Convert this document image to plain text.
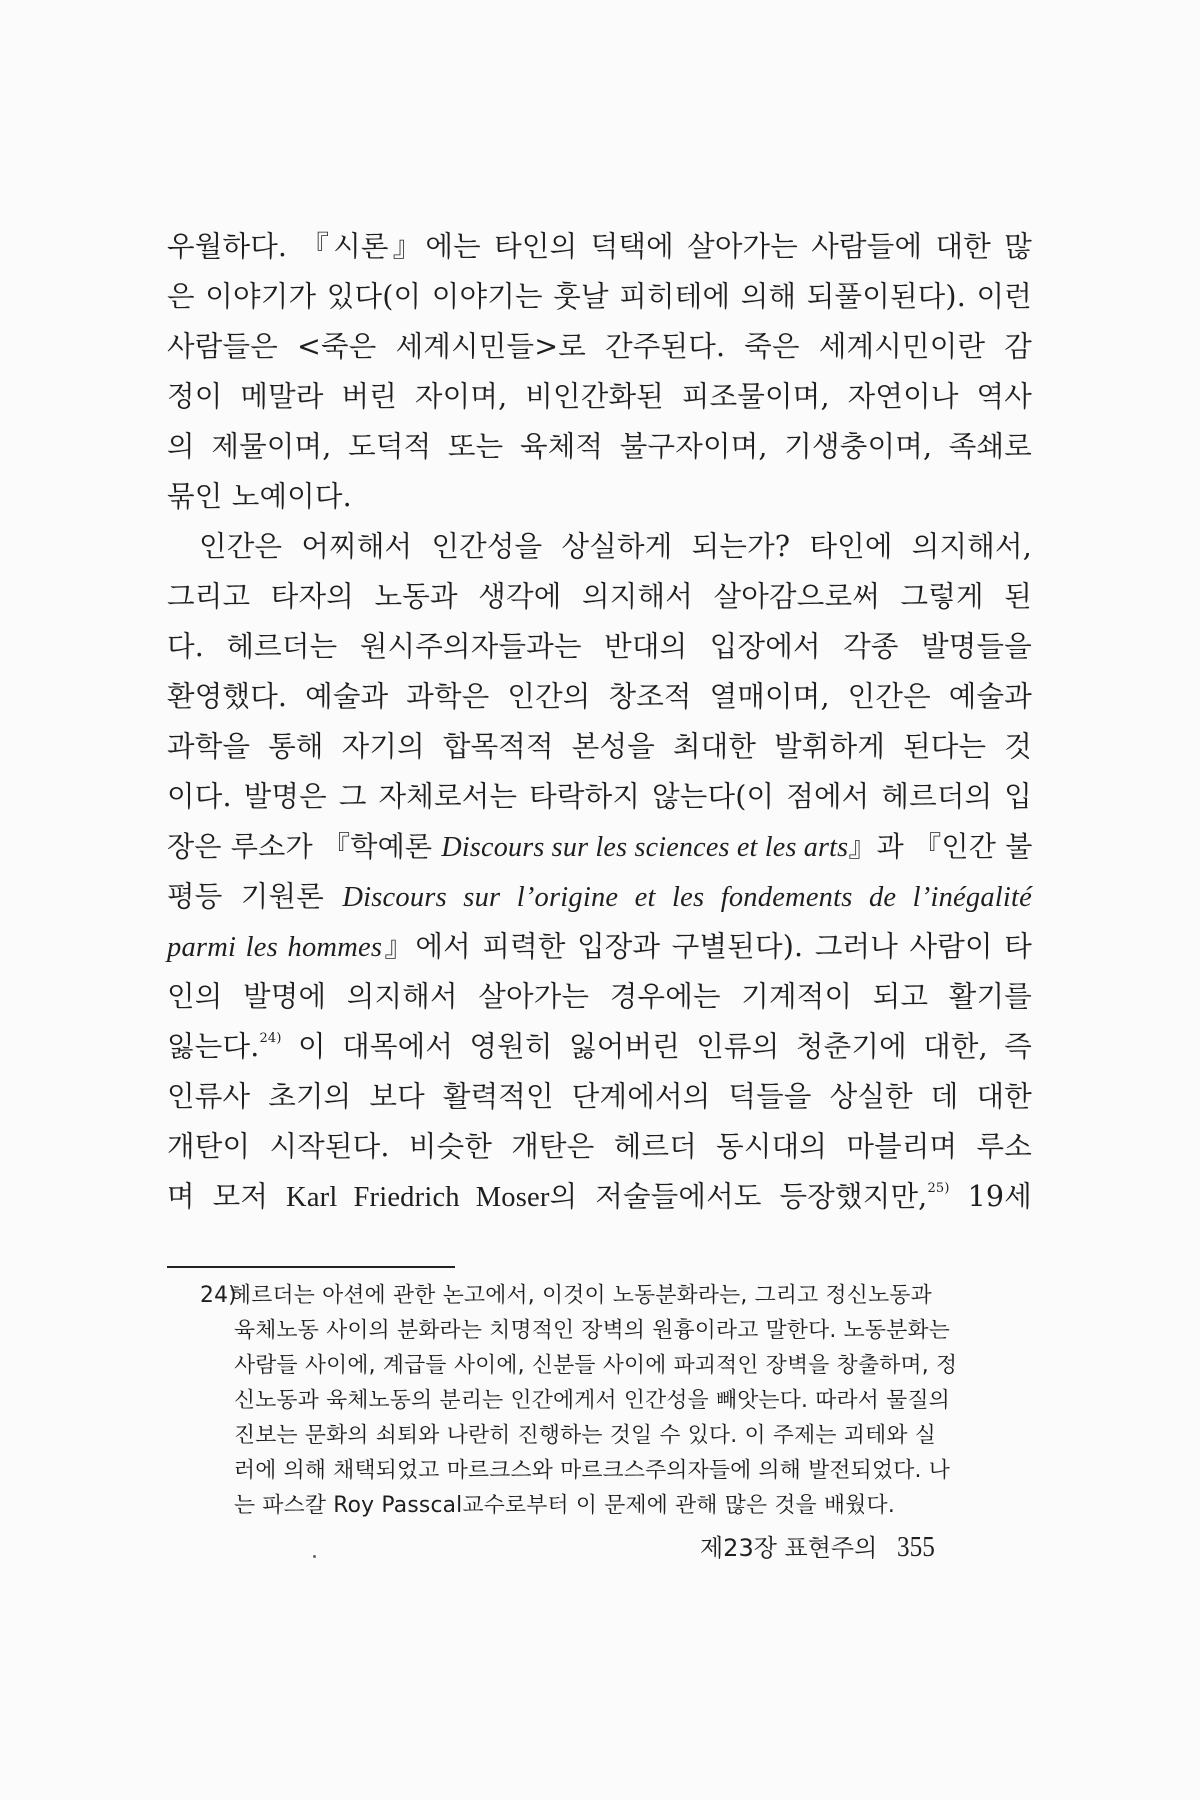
우월하다. 『시론』에는 타인의 덕택에 살아가는 사람들에 대한 많
은 이야기가 있다(이 이야기는 훗날 피히테에 의해 되풀이된다). 이런
사람들은 <죽은 세계시민들>로 간주된다. 죽은 세계시민이란 감
정이 메말라 버린 자이며, 비인간화된 피조물이며, 자연이나 역사
의 제물이며, 도덕적 또는 육체적 불구자이며, 기생충이며, 족쇄로
묶인 노예이다.
인간은 어찌해서 인간성을 상실하게 되는가? 타인에 의지해서,
그리고 타자의 노동과 생각에 의지해서 살아감으로써 그렇게 된
다. 헤르더는 원시주의자들과는 반대의 입장에서 각종 발명들을
환영했다. 예술과 과학은 인간의 창조적 열매이며, 인간은 예술과
과학을 통해 자기의 합목적적 본성을 최대한 발휘하게 된다는 것
이다. 발명은 그 자체로서는 타락하지 않는다(이 점에서 헤르더의 입
장은 루소가 『학예론 Discours sur les sciences et les arts』과 『인간 불
평등 기원론 Discours sur l’origine et les fondements de l’inégalité
parmi les hommes』에서 피력한 입장과 구별된다). 그러나 사람이 타
인의 발명에 의지해서 살아가는 경우에는 기계적이 되고 활기를
잃는다.$^{24)}$ 이 대목에서 영원히 잃어버린 인류의 청춘기에 대한, 즉
인류사 초기의 보다 활력적인 단계에서의 덕들을 상실한 데 대한
개탄이 시작된다. 비슷한 개탄은 헤르더 동시대의 마블리며 루소
며 모저 Karl Friedrich Moser의 저술들에서도 등장했지만,$^{25)}$ 19세
24)헤르더는 아션에 관한 논고에서, 이것이 노동분화라는, 그리고 정신노동과
육체노동 사이의 분화라는 치명적인 장벽의 원흉이라고 말한다. 노동분화는
사람들 사이에, 계급들 사이에, 신분들 사이에 파괴적인 장벽을 창출하며, 정
신노동과 육체노동의 분리는 인간에게서 인간성을 빼앗는다. 따라서 물질의
진보는 문화의 쇠퇴와 나란히 진행하는 것일 수 있다. 이 주제는 괴테와 실
러에 의해 채택되었고 마르크스와 마르크스주의자들에 의해 발전되었다. 나
는 파스칼 Roy Passcal교수로부터 이 문제에 관해 많은 것을 배웠다.
제23장 표현주의 355
